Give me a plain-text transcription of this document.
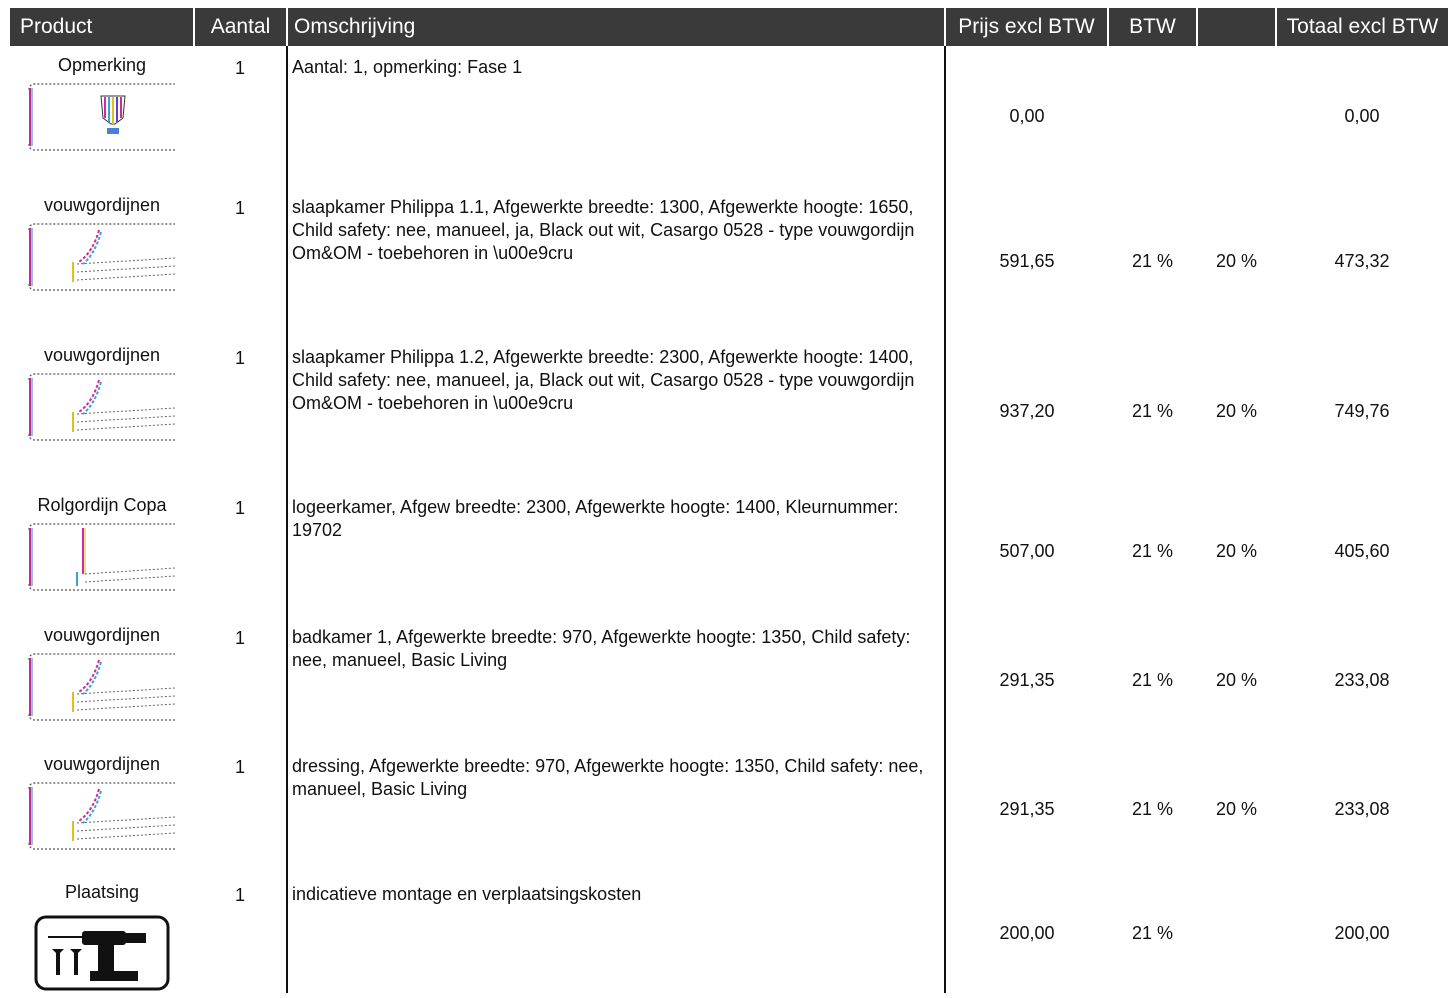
Product	Aantal	Omschrijving	Prijs excl BTW	BTW		Totaal excl BTW

Opmerking	1	Aantal: 1, opmerking: Fase 1	0,00			0,00

vouwgordijnen	1	slaapkamer Philippa 1.1, Afgewerkte breedte: 1300, Afgewerkte hoogte: 1650, Child safety: nee, manueel, ja, Black out wit, Casargo 0528 - type vouwgordijn Om&OM - toebehoren in \u00e9cru	591,65	21 %	20 %	473,32

vouwgordijnen	1	slaapkamer Philippa 1.2, Afgewerkte breedte: 2300, Afgewerkte hoogte: 1400, Child safety: nee, manueel, ja, Black out wit, Casargo 0528 - type vouwgordijn Om&OM - toebehoren in \u00e9cru	937,20	21 %	20 %	749,76

Rolgordijn Copa	1	logeerkamer, Afgew breedte: 2300, Afgewerkte hoogte: 1400, Kleurnummer: 19702	507,00	21 %	20 %	405,60

vouwgordijnen	1	badkamer 1, Afgewerkte breedte: 970, Afgewerkte hoogte: 1350, Child safety: nee, manueel, Basic Living	291,35	21 %	20 %	233,08

vouwgordijnen	1	dressing, Afgewerkte breedte: 970, Afgewerkte hoogte: 1350, Child safety: nee, manueel, Basic Living	291,35	21 %	20 %	233,08

Plaatsing	1	indicatieve montage en verplaatsingskosten	200,00	21 %		200,00
